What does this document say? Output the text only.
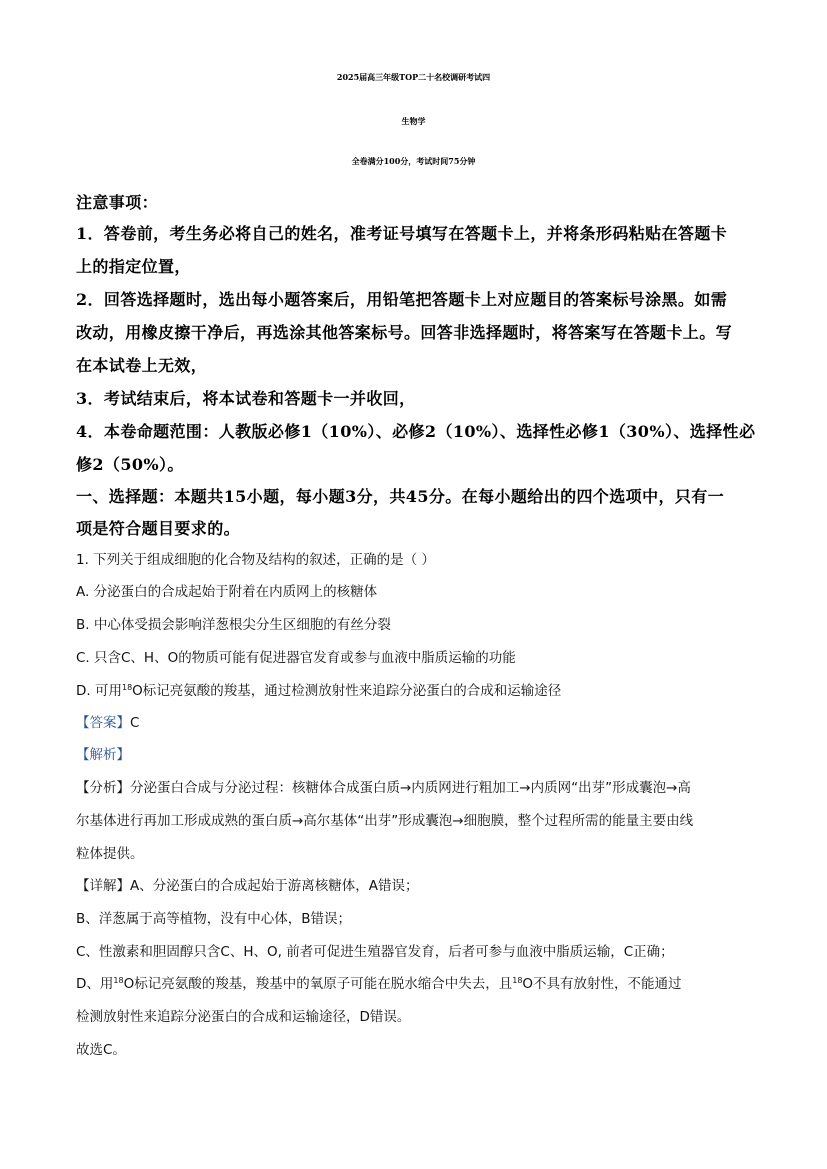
2025届高三年级TOP二十名校调研考试四
生物学
全卷满分100分，考试时间75分钟
注意事项：
1．答卷前，考生务必将自己的姓名，准考证号填写在答题卡上，并将条形码粘贴在答题卡
上的指定位置，
2．回答选择题时，选出每小题答案后，用铅笔把答题卡上对应题目的答案标号涂黑。如需
改动，用橡皮擦干净后，再选涂其他答案标号。回答非选择题时，将答案写在答题卡上。写
在本试卷上无效，
3．考试结束后，将本试卷和答题卡一并收回，
4．本卷命题范围：人教版必修1（10%）、必修2（10%）、选择性必修1（30%）、选择性必
修2（50%）。
一、选择题：本题共15小题，每小题3分，共45分。在每小题给出的四个选项中，只有一
项是符合题目要求的。
1. 下列关于组成细胞的化合物及结构的叙述，正确的是（ ）
A. 分泌蛋白的合成起始于附着在内质网上的核糖体
B. 中心体受损会影响洋葱根尖分生区细胞的有丝分裂
C. 只含C、H、O的物质可能有促进器官发育或参与血液中脂质运输的功能
D. 可用$^{18}$O标记亮氨酸的羧基，通过检测放射性来追踪分泌蛋白的合成和运输途径
【答案】C
【解析】
【分析】分泌蛋白合成与分泌过程：核糖体合成蛋白质→内质网进行粗加工→内质网“出芽”形成囊泡→高
尔基体进行再加工形成成熟的蛋白质→高尔基体“出芽”形成囊泡→细胞膜，整个过程所需的能量主要由线
粒体提供。
【详解】A、分泌蛋白的合成起始于游离核糖体，A错误；
B、洋葱属于高等植物，没有中心体，B错误；
C、性激素和胆固醇只含C、H、O, 前者可促进生殖器官发育，后者可参与血液中脂质运输，C正确；
D、用$^{18}$O标记亮氨酸的羧基，羧基中的氧原子可能在脱水缩合中失去，且$^{18}$O不具有放射性，不能通过
检测放射性来追踪分泌蛋白的合成和运输途径，D错误。
故选C。
